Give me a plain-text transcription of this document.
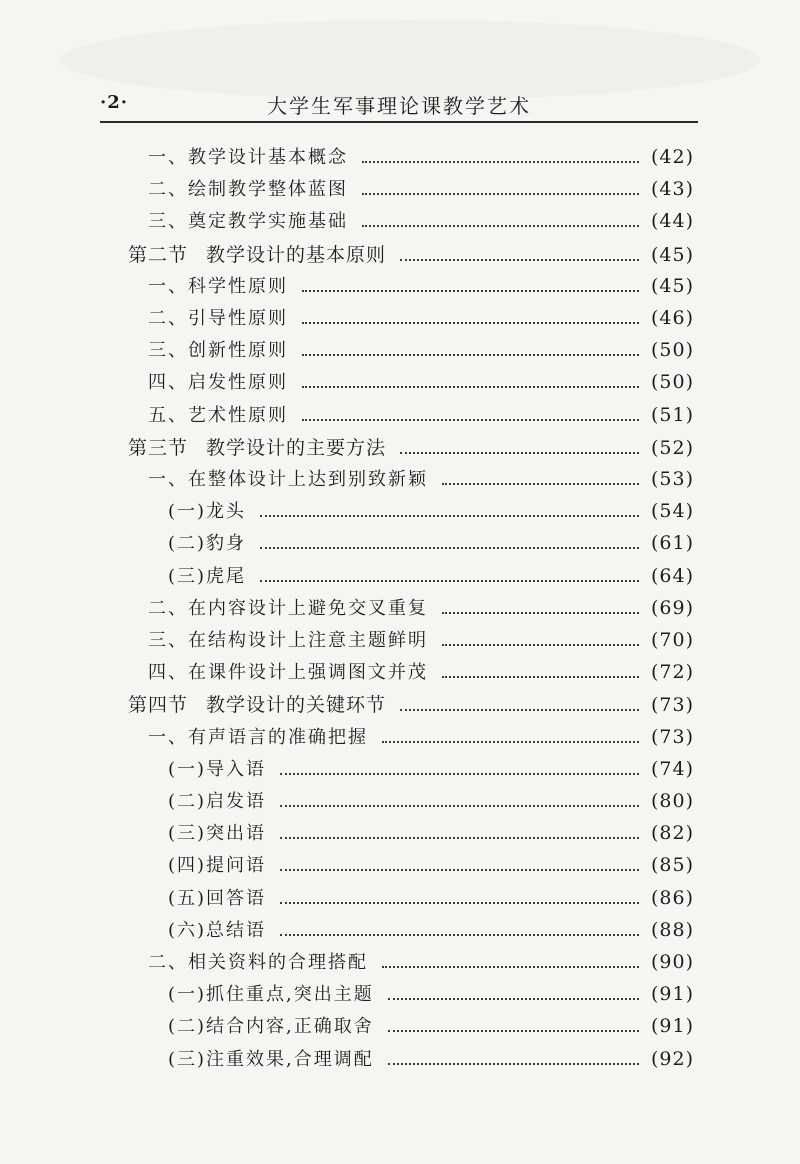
·2·	大学生军事理论课教学艺术
一、教学设计基本概念	(42)
二、绘制教学整体蓝图	(43)
三、奠定教学实施基础	(44)
第二节 教学设计的基本原则	(45)
一、科学性原则	(45)
二、引导性原则	(46)
三、创新性原则	(50)
四、启发性原则	(50)
五、艺术性原则	(51)
第三节 教学设计的主要方法	(52)
一、在整体设计上达到别致新颖	(53)
(一)龙头	(54)
(二)豹身	(61)
(三)虎尾	(64)
二、在内容设计上避免交叉重复	(69)
三、在结构设计上注意主题鲜明	(70)
四、在课件设计上强调图文并茂	(72)
第四节 教学设计的关键环节	(73)
一、有声语言的准确把握	(73)
(一)导入语	(74)
(二)启发语	(80)
(三)突出语	(82)
(四)提问语	(85)
(五)回答语	(86)
(六)总结语	(88)
二、相关资料的合理搭配	(90)
(一)抓住重点,突出主题	(91)
(二)结合内容,正确取舍	(91)
(三)注重效果,合理调配	(92)
